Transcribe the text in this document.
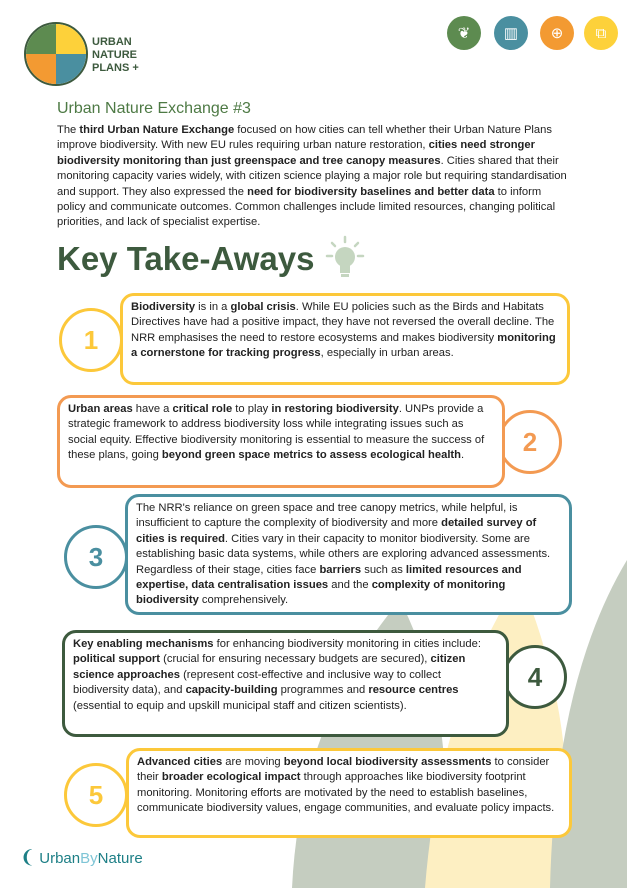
URBAN
NATURE
PLANS +
❦	▥	⊕	⧉
Urban Nature Exchange #3
The third Urban Nature Exchange focused on how cities can tell whether their Urban Nature Plans improve biodiversity. With new EU rules requiring urban nature restoration, cities need stronger biodiversity monitoring than just greenspace and tree canopy measures. Cities shared that their monitoring capacity varies widely, with citizen science playing a major role but requiring standardisation and support. They also expressed the need for biodiversity baselines and better data to inform policy and communicate outcomes. Common challenges include limited resources, changing political priorities, and lack of specialist expertise.
Key Take-Aways
1
Biodiversity is in a global crisis. While EU policies such as the Birds and Habitats Directives have had a positive impact, they have not reversed the overall decline. The NRR emphasises the need to restore ecosystems and makes biodiversity monitoring a cornerstone for tracking progress, especially in urban areas.
2
Urban areas have a critical role to play in restoring biodiversity. UNPs provide a strategic framework to address biodiversity loss while integrating issues such as social equity. Effective biodiversity monitoring is essential to measure the success of these plans, going beyond green space metrics to assess ecological health.
3
The NRR's reliance on green space and tree canopy metrics, while helpful, is insufficient to capture the complexity of biodiversity and more detailed survey of cities is required. Cities vary in their capacity to monitor biodiversity. Some are establishing basic data systems, while others are exploring advanced assessments. Regardless of their stage, cities face barriers such as limited resources and expertise, data centralisation issues and the complexity of monitoring biodiversity comprehensively.
4
Key enabling mechanisms for enhancing biodiversity monitoring in cities include: political support (crucial for ensuring necessary budgets are secured), citizen science approaches (represent cost-effective and inclusive way to collect biodiversity data), and capacity-building programmes and resource centres (essential to equip and upskill municipal staff and citizen scientists).
5
Advanced cities are moving beyond local biodiversity assessments to consider their broader ecological impact through approaches like biodiversity footprint monitoring. Monitoring efforts are motivated by the need to establish baselines, communicate biodiversity values, engage communities, and evaluate policy impacts.
❨ UrbanByNature
